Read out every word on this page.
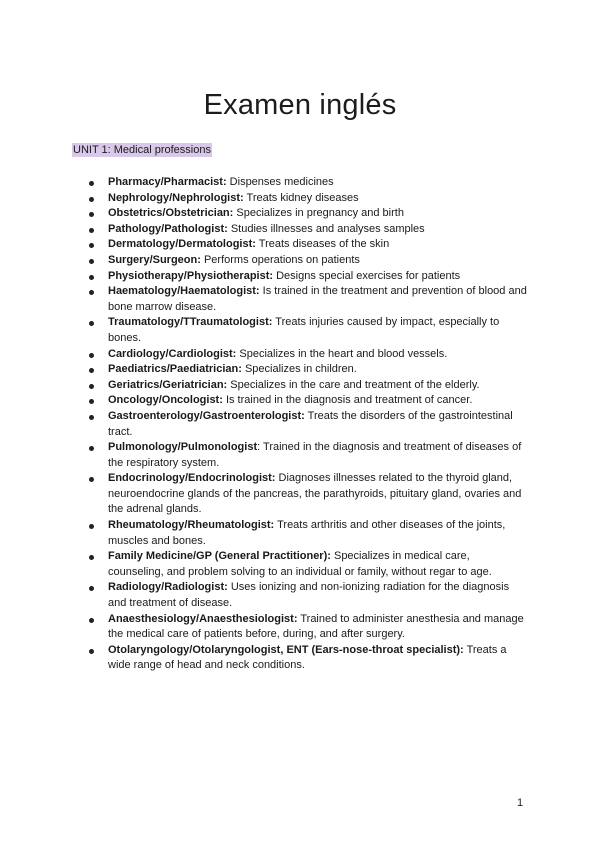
Examen inglés
UNIT 1: Medical professions
Pharmacy/Pharmacist: Dispenses medicines
Nephrology/Nephrologist: Treats kidney diseases
Obstetrics/Obstetrician: Specializes in pregnancy and birth
Pathology/Pathologist: Studies illnesses and analyses samples
Dermatology/Dermatologist: Treats diseases of the skin
Surgery/Surgeon: Performs operations on patients
Physiotherapy/Physiotherapist: Designs special exercises for patients
Haematology/Haematologist: Is trained in the treatment and prevention of blood and bone marrow disease.
Traumatology/TTraumatologist: Treats injuries caused by impact, especially to bones.
Cardiology/Cardiologist: Specializes in the heart and blood vessels.
Paediatrics/Paediatrician: Specializes in children.
Geriatrics/Geriatrician: Specializes in the care and treatment of the elderly.
Oncology/Oncologist: Is trained in the diagnosis and treatment of cancer.
Gastroenterology/Gastroenterologist: Treats the disorders of the gastrointestinal tract.
Pulmonology/Pulmonologist: Trained in the diagnosis and treatment of diseases of the respiratory system.
Endocrinology/Endocrinologist: Diagnoses illnesses related to the thyroid gland, neuroendocrine glands of the pancreas, the parathyroids, pituitary gland, ovaries and the adrenal glands.
Rheumatology/Rheumatologist: Treats arthritis and other diseases of the joints, muscles and bones.
Family Medicine/GP (General Practitioner): Specializes in medical care, counseling, and problem solving to an individual or family, without regar to age.
Radiology/Radiologist: Uses ionizing and non-ionizing radiation for the diagnosis and treatment of disease.
Anaesthesiology/Anaesthesiologist: Trained to administer anesthesia and manage the medical care of patients before, during, and after surgery.
Otolaryngology/Otolaryngologist, ENT (Ears-nose-throat specialist): Treats a wide range of head and neck conditions.
1
